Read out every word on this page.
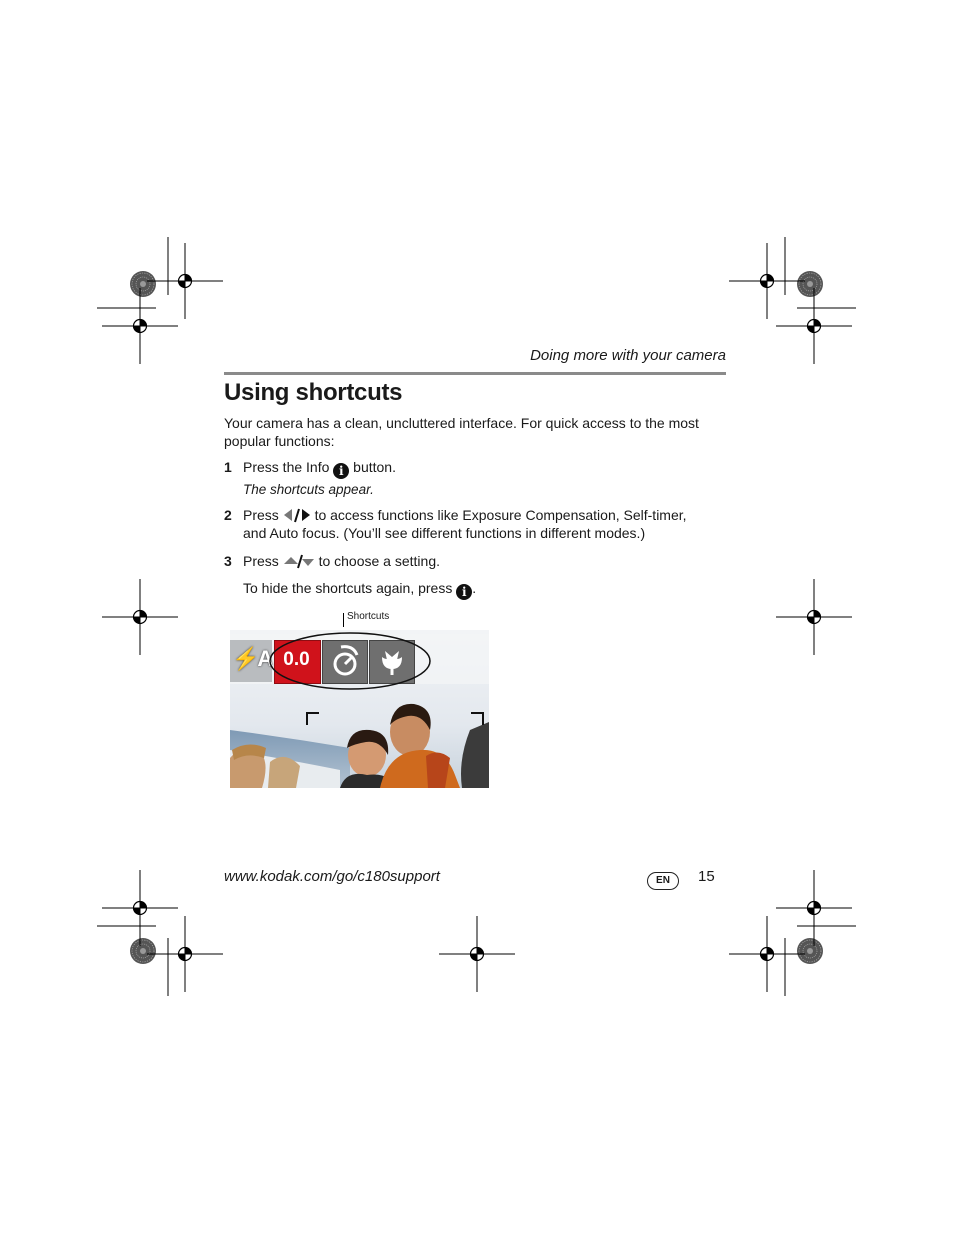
Doing more with your camera
Using shortcuts
Your camera has a clean, uncluttered interface. For quick access to the most popular functions:
1 Press the Info i button.
The shortcuts appear.
2 Press	to access functions like Exposure Compensation, Self-timer, and Auto focus. (You’ll see different functions in different modes.)
3 Press	to choose a setting.
To hide the shortcuts again, press i .
Shortcuts
⚡A 0.0
www.kodak.com/go/c180support	EN	15
